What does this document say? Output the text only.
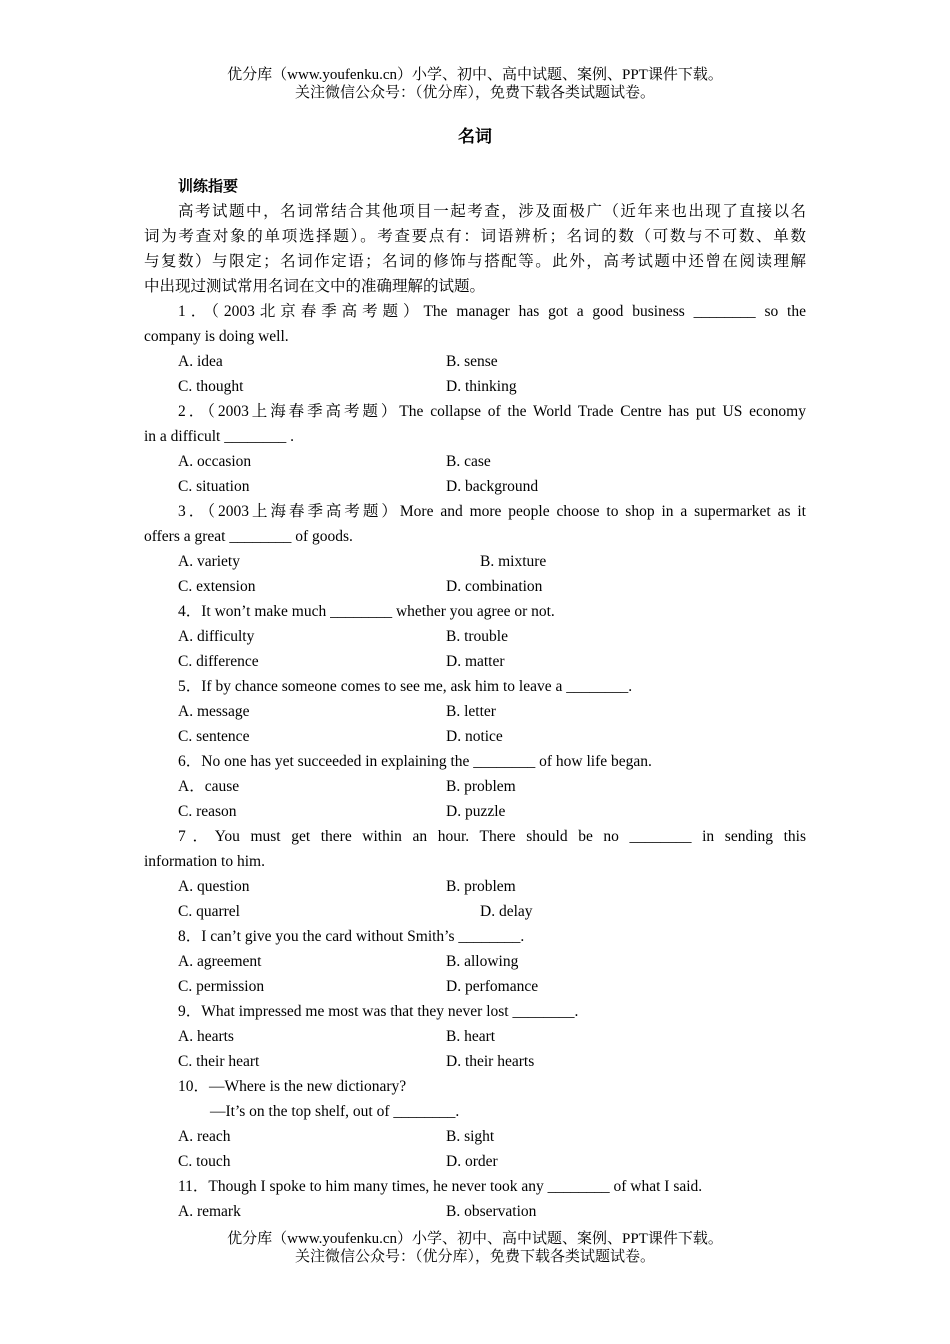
优分库（www.youfenku.cn）小学、初中、高中试题、案例、PPT课件下载。
关注微信公众号：（优分库），免费下载各类试题试卷。
名词
训练指要
高考试题中，名词常结合其他项目一起考查，涉及面极广（近年来也出现了直接以名
词为考查对象的单项选择题）。考查要点有：词语辨析；名词的数（可数与不可数、单数
与复数）与限定；名词作定语；名词的修饰与搭配等。此外，高考试题中还曾在阅读理解
中出现过测试常用名词在文中的准确理解的试题。
1．（2003北京春季高考题）The manager has got a good business ________ so the
company is doing well.
A. idea	B. sense
C. thought	D. thinking
2．（2003上海春季高考题）The collapse of the World Trade Centre has put US economy
in a difficult ________ .
A. occasion	B. case
C. situation	D. background
3．（2003上海春季高考题）More and more people choose to shop in a supermarket as it
offers a great ________ of goods.
A. variety	B. mixture
C. extension	D. combination
4．It won’t make much ________ whether you agree or not.
A. difficulty	B. trouble
C. difference	D. matter
5．If by chance someone comes to see me, ask him to leave a ________.
A. message	B. letter
C. sentence	D. notice
6．No one has yet succeeded in explaining the ________ of how life began.
A．cause	B. problem
C. reason	D. puzzle
7．You must get there within an hour. There should be no ________ in sending this
information to him.
A. question	B. problem
C. quarrel	D. delay
8．I can’t give you the card without Smith’s ________.
A. agreement	B. allowing
C. permission	D. perfomance
9．What impressed me most was that they never lost ________.
A. hearts	B. heart
C. their heart	D. their hearts
10．—Where is the new dictionary?
—It’s on the top shelf, out of ________.
A. reach	B. sight
C. touch	D. order
11．Though I spoke to him many times, he never took any ________ of what I said.
A. remark	B. observation
优分库（www.youfenku.cn）小学、初中、高中试题、案例、PPT课件下载。
关注微信公众号：（优分库），免费下载各类试题试卷。
